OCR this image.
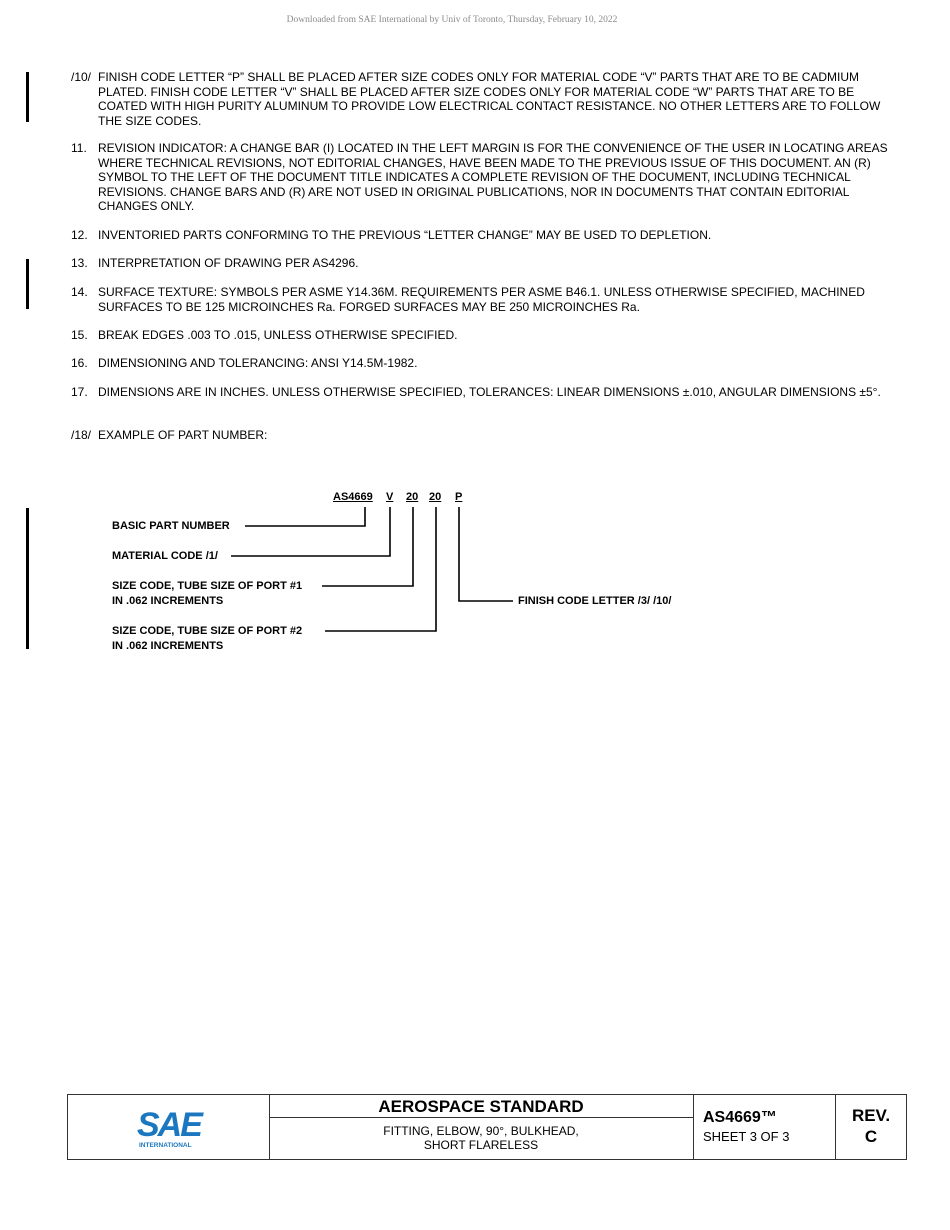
Downloaded from SAE International by Univ of Toronto, Thursday, February 10, 2022
/10/ FINISH CODE LETTER “P” SHALL BE PLACED AFTER SIZE CODES ONLY FOR MATERIAL CODE “V” PARTS THAT ARE TO BE CADMIUM PLATED. FINISH CODE LETTER “V” SHALL BE PLACED AFTER SIZE CODES ONLY FOR MATERIAL CODE “W” PARTS THAT ARE TO BE COATED WITH HIGH PURITY ALUMINUM TO PROVIDE LOW ELECTRICAL CONTACT RESISTANCE. NO OTHER LETTERS ARE TO FOLLOW THE SIZE CODES.
11. REVISION INDICATOR: A CHANGE BAR (I) LOCATED IN THE LEFT MARGIN IS FOR THE CONVENIENCE OF THE USER IN LOCATING AREAS WHERE TECHNICAL REVISIONS, NOT EDITORIAL CHANGES, HAVE BEEN MADE TO THE PREVIOUS ISSUE OF THIS DOCUMENT. AN (R) SYMBOL TO THE LEFT OF THE DOCUMENT TITLE INDICATES A COMPLETE REVISION OF THE DOCUMENT, INCLUDING TECHNICAL REVISIONS. CHANGE BARS AND (R) ARE NOT USED IN ORIGINAL PUBLICATIONS, NOR IN DOCUMENTS THAT CONTAIN EDITORIAL CHANGES ONLY.
12. INVENTORIED PARTS CONFORMING TO THE PREVIOUS “LETTER CHANGE” MAY BE USED TO DEPLETION.
13. INTERPRETATION OF DRAWING PER AS4296.
14. SURFACE TEXTURE: SYMBOLS PER ASME Y14.36M. REQUIREMENTS PER ASME B46.1. UNLESS OTHERWISE SPECIFIED, MACHINED SURFACES TO BE 125 MICROINCHES Ra. FORGED SURFACES MAY BE 250 MICROINCHES Ra.
15. BREAK EDGES .003 TO .015, UNLESS OTHERWISE SPECIFIED.
16. DIMENSIONING AND TOLERANCING: ANSI Y14.5M-1982.
17. DIMENSIONS ARE IN INCHES. UNLESS OTHERWISE SPECIFIED, TOLERANCES: LINEAR DIMENSIONS ±.010, ANGULAR DIMENSIONS ±5°.
/18/ EXAMPLE OF PART NUMBER:
AS4669 V 20 20 P
BASIC PART NUMBER
MATERIAL CODE /1/
SIZE CODE, TUBE SIZE OF PORT #1
IN .062 INCREMENTS
SIZE CODE, TUBE SIZE OF PORT #2
IN .062 INCREMENTS
FINISH CODE LETTER /3/ /10/
SAE
INTERNATIONAL
AEROSPACE STANDARD
FITTING, ELBOW, 90°, BULKHEAD,
SHORT FLARELESS
AS4669™
SHEET 3 OF 3
REV.
C
